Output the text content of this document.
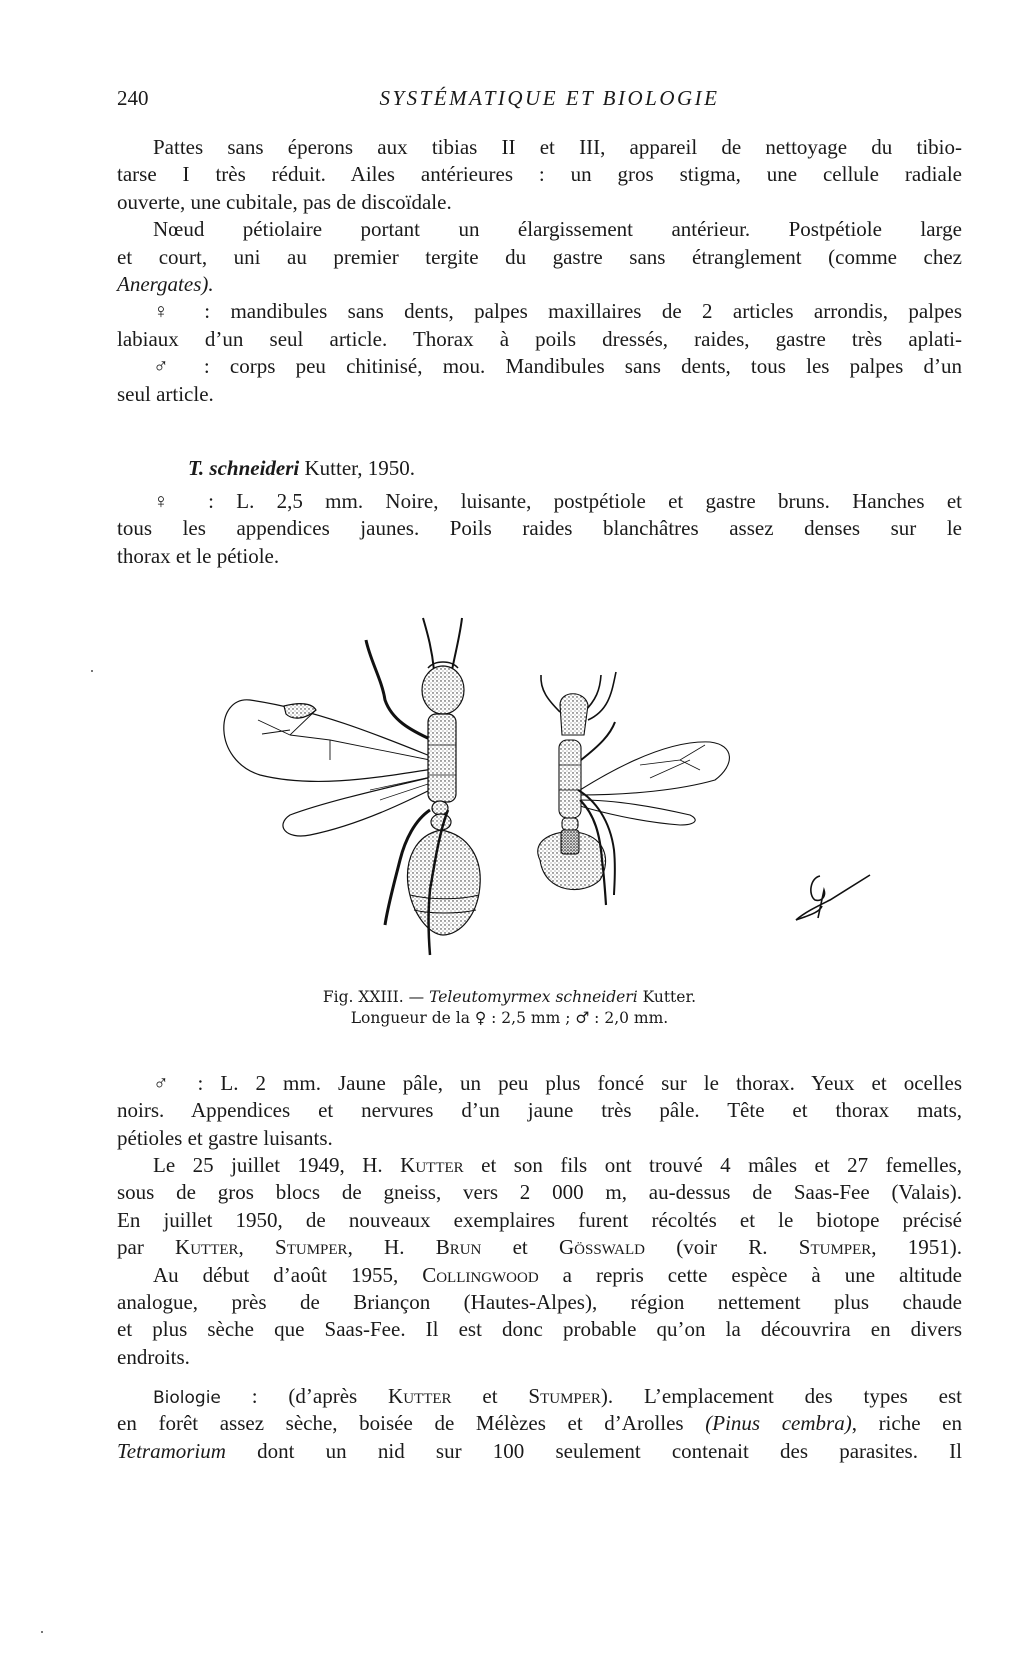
240	SYSTÉMATIQUE ET BIOLOGIE
Pattes sans éperons aux tibias II et III, appareil de nettoyage du tibio-
tarse I très réduit. Ailes antérieures : un gros stigma, une cellule radiale
ouverte, une cubitale, pas de discoïdale.
Nœud pétiolaire portant un élargissement antérieur. Postpétiole large
et court, uni au premier tergite du gastre sans étranglement (comme chez
Anergates).
♀ : mandibules sans dents, palpes maxillaires de 2 articles arrondis, palpes
labiaux d’un seul article. Thorax à poils dressés, raides, gastre très aplati-
♂ : corps peu chitinisé, mou. Mandibules sans dents, tous les palpes d’un
seul article.
T. schneideri Kutter, 1950.
♀ : L. 2,5 mm. Noire, luisante, postpétiole et gastre bruns. Hanches et
tous les appendices jaunes. Poils raides blanchâtres assez denses sur le
thorax et le pétiole.
Fig. XXIII. — Teleutomyrmex schneideri Kutter.
Longueur de la ♀ : 2,5 mm ; ♂ : 2,0 mm.
♂ : L. 2 mm. Jaune pâle, un peu plus foncé sur le thorax. Yeux et ocelles
noirs. Appendices et nervures d’un jaune très pâle. Tête et thorax mats,
pétioles et gastre luisants.
Le 25 juillet 1949, H. Kutter et son fils ont trouvé 4 mâles et 27 femelles,
sous de gros blocs de gneiss, vers 2 000 m, au-dessus de Saas-Fee (Valais).
En juillet 1950, de nouveaux exemplaires furent récoltés et le biotope précisé
par Kutter, Stumper, H. Brun et Gösswald (voir R. Stumper, 1951).
Au début d’août 1955, Collingwood a repris cette espèce à une altitude
analogue, près de Briançon (Hautes-Alpes), région nettement plus chaude
et plus sèche que Saas-Fee. Il est donc probable qu’on la découvrira en divers
endroits.
Biologie : (d’après Kutter et Stumper). L’emplacement des types est
en forêt assez sèche, boisée de Mélèzes et d’Arolles (Pinus cembra), riche en
Tetramorium dont un nid sur 100 seulement contenait des parasites. Il
